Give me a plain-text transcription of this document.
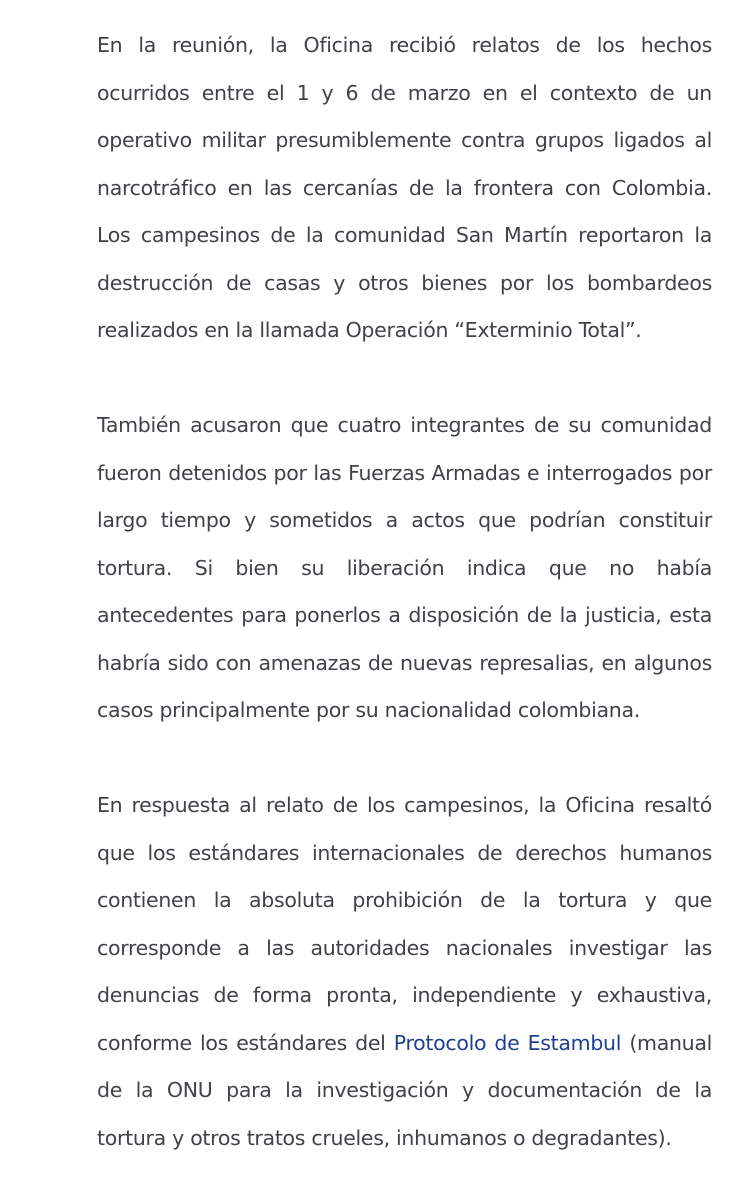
En la reunión, la Oficina recibió relatos de los hechos ocurridos entre el 1 y 6 de marzo en el contexto de un operativo militar presumiblemente contra grupos ligados al narcotráfico en las cercanías de la frontera con Colombia. Los campesinos de la comunidad San Martín reportaron la destrucción de casas y otros bienes por los bombardeos realizados en la llamada Operación “Exterminio Total”.

También acusaron que cuatro integrantes de su comunidad fueron detenidos por las Fuerzas Armadas e interrogados por largo tiempo y sometidos a actos que podrían constituir tortura. Si bien su liberación indica que no había antecedentes para ponerlos a disposición de la justicia, esta habría sido con amenazas de nuevas represalias, en algunos casos principalmente por su nacionalidad colombiana.

En respuesta al relato de los campesinos, la Oficina resaltó que los estándares internacionales de derechos humanos contienen la absoluta prohibición de la tortura y que corresponde a las autoridades nacionales investigar las denuncias de forma pronta, independiente y exhaustiva, conforme los estándares del Protocolo de Estambul (manual de la ONU para la investigación y documentación de la tortura y otros tratos crueles, inhumanos o degradantes).
